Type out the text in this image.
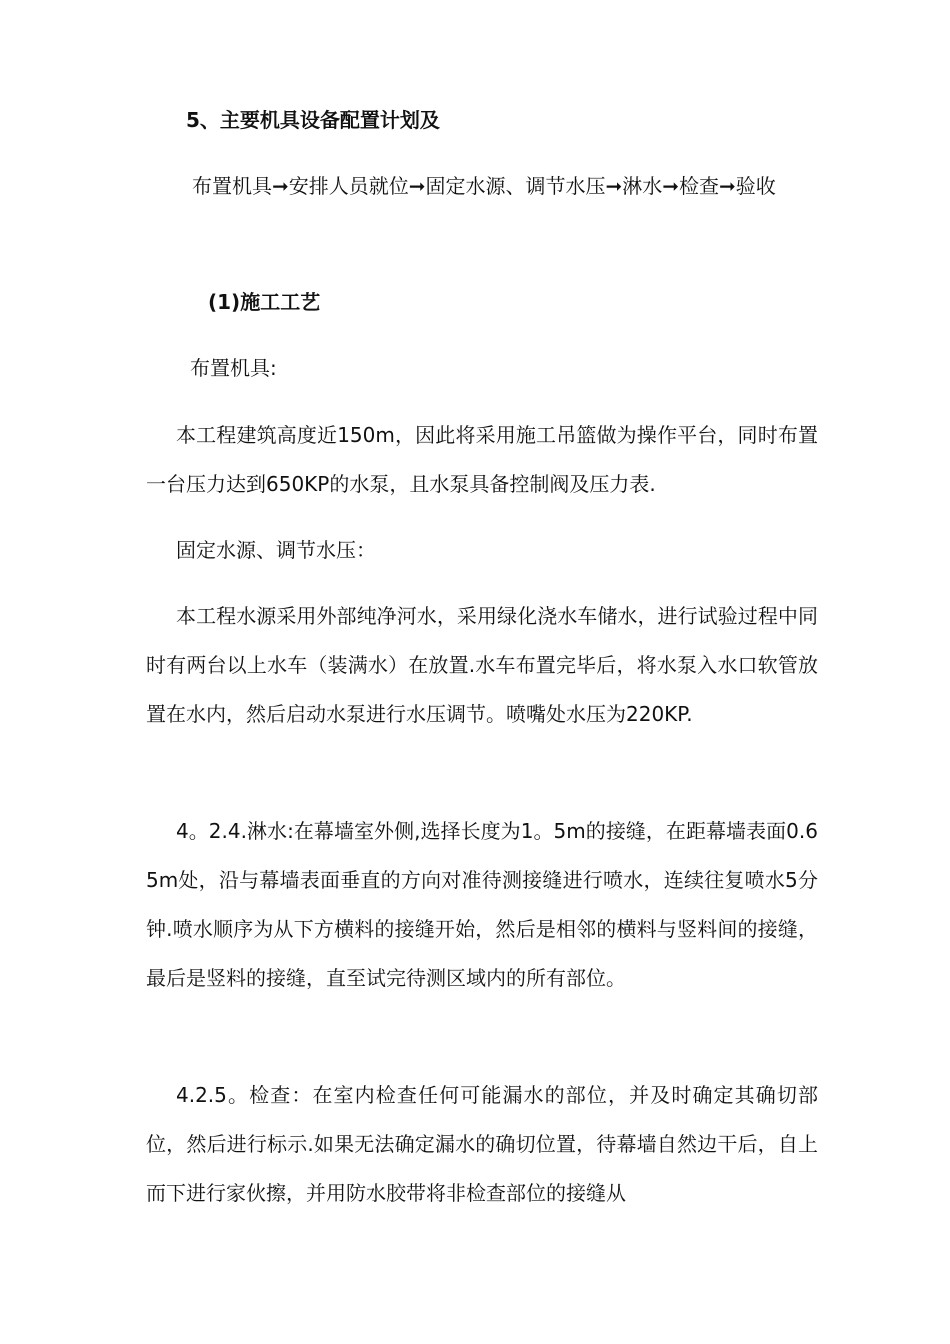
5、主要机具设备配置计划及

布置机具➞安排人员就位➞固定水源、调节水压➞淋水➞检查➞验收

(1)施工工艺

布置机具:

本工程建筑高度近150m，因此将采用施工吊篮做为操作平台，同时布置一台压力达到650KP的水泵，且水泵具备控制阀及压力表.

固定水源、调节水压：

本工程水源采用外部纯净河水，采用绿化浇水车储水，进行试验过程中同时有两台以上水车（装满水）在放置.水车布置完毕后，将水泵入水口软管放置在水内，然后启动水泵进行水压调节。喷嘴处水压为220KP.

4。2.4.淋水:在幕墙室外侧,选择长度为1。5m的接缝，在距幕墙表面0.65m处，沿与幕墙表面垂直的方向对准待测接缝进行喷水，连续往复喷水5分钟.喷水顺序为从下方横料的接缝开始，然后是相邻的横料与竖料间的接缝，最后是竖料的接缝，直至试完待测区域内的所有部位。

4.2.5。检查：在室内检查任何可能漏水的部位，并及时确定其确切部位，然后进行标示.如果无法确定漏水的确切位置，待幕墙自然边干后，自上而下进行家伙擦，并用防水胶带将非检查部位的接缝从
